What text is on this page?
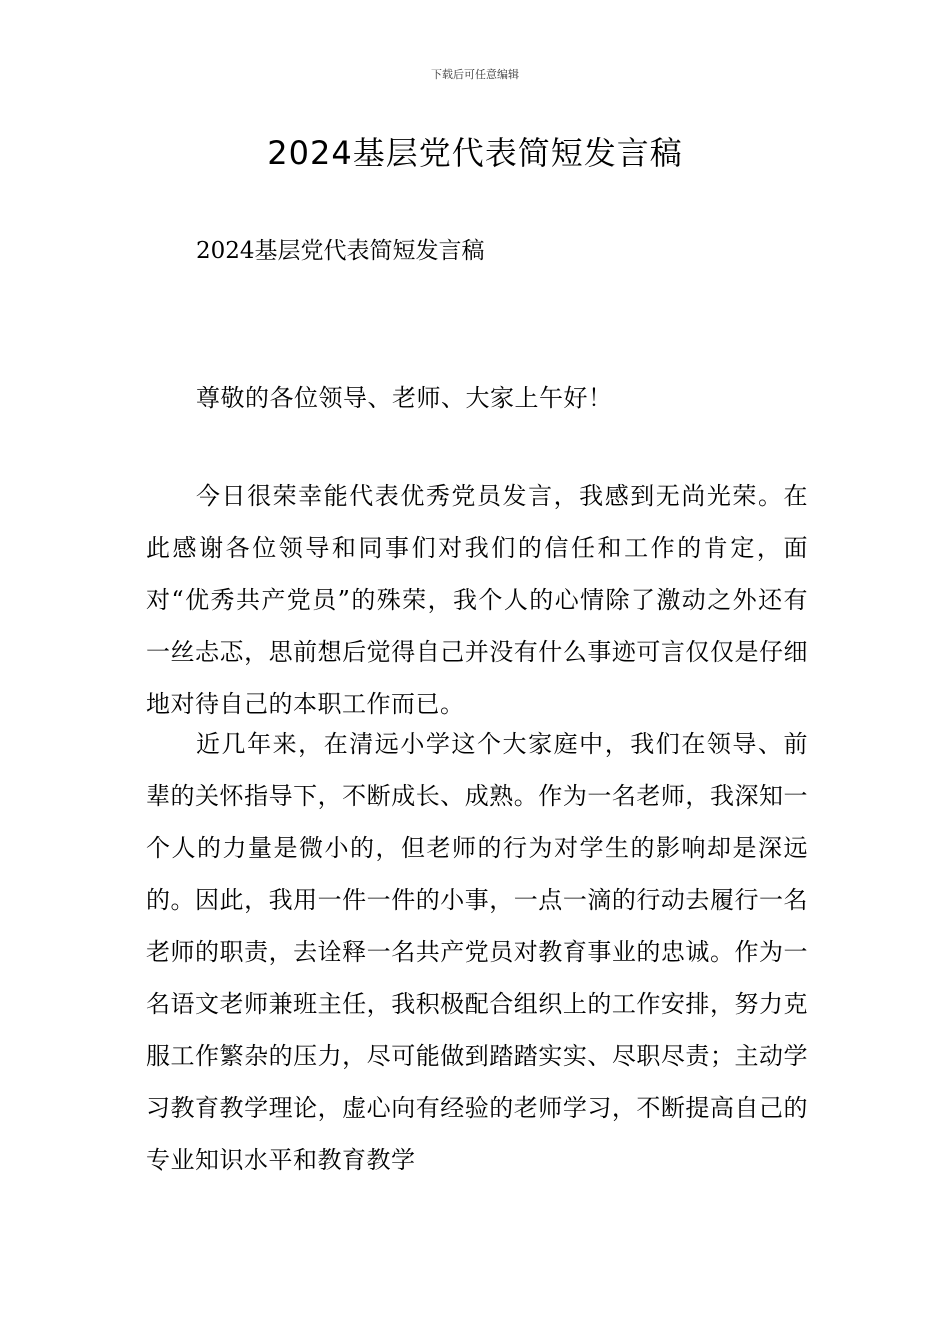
下载后可任意编辑
2024基层党代表简短发言稿
2024基层党代表简短发言稿

尊敬的各位领导、老师、大家上午好！

今日很荣幸能代表优秀党员发言，我感到无尚光荣。在此感谢各位领导和同事们对我们的信任和工作的肯定，面对“优秀共产党员”的殊荣，我个人的心情除了激动之外还有一丝忐忑，思前想后觉得自己并没有什么事迹可言仅仅是仔细地对待自己的本职工作而已。

近几年来，在清远小学这个大家庭中，我们在领导、前辈的关怀指导下，不断成长、成熟。作为一名老师，我深知一个人的力量是微小的，但老师的行为对学生的影响却是深远的。因此，我用一件一件的小事，一点一滴的行动去履行一名老师的职责，去诠释一名共产党员对教育事业的忠诚。作为一名语文老师兼班主任，我积极配合组织上的工作安排，努力克服工作繁杂的压力，尽可能做到踏踏实实、尽职尽责；主动学习教育教学理论，虚心向有经验的老师学习，不断提高自己的专业知识水平和教育教学
